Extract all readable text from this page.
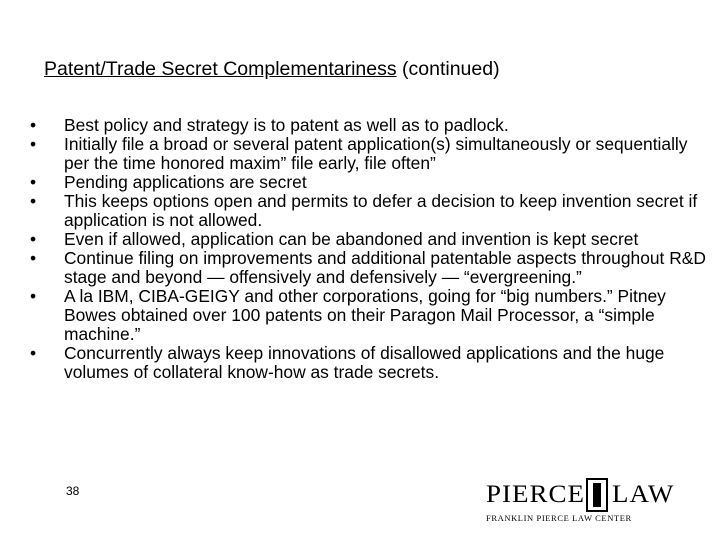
Patent/Trade Secret Complementariness (continued)
•	Best policy and strategy is to patent as well as to padlock.
•	Initially file a broad or several patent application(s) simultaneously or sequentially per the time honored maxim” file early, file often”
•	Pending applications are secret
•	This keeps options open and permits to defer a decision to keep invention secret if application is not allowed.
•	Even if allowed, application can be abandoned and invention is kept secret
•	Continue filing on improvements and additional patentable aspects throughout R&D stage and beyond — offensively and defensively — “evergreening.”
•	A la IBM, CIBA-GEIGY and other corporations, going for “big numbers.” Pitney Bowes obtained over 100 patents on their Paragon Mail Processor, a “simple machine.”
•	Concurrently always keep innovations of disallowed applications and the huge volumes of collateral know-how as trade secrets.
38	PIERCE LAW
FRANKLIN PIERCE LAW CENTER
